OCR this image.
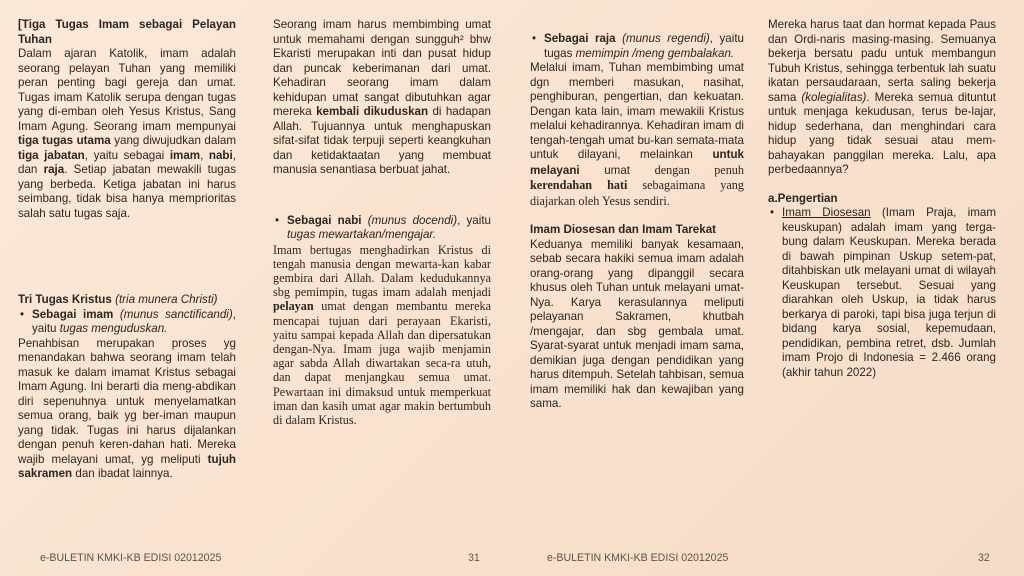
[Tiga Tugas Imam sebagai Pelayan Tuhan

Dalam ajaran Katolik, imam adalah seorang pelayan Tuhan yang memiliki peran penting bagi gereja dan umat. Tugas imam Katolik serupa dengan tugas yang di-emban oleh Yesus Kristus, Sang Imam Agung. Seorang imam mempunyai tiga tugas utama yang diwujudkan dalam tiga jabatan, yaitu sebagai imam, nabi, dan raja. Setiap jabatan mewakili tugas yang berbeda. Ketiga jabatan ini harus seimbang, tidak bisa hanya memprioritas salah satu tugas saja.

Tri Tugas Kristus (tria munera Christi)

• Sebagai imam (munus sanctificandi), yaitu tugas menguduskan.

Penahbisan merupakan proses yg menandakan bahwa seorang imam telah masuk ke dalam imamat Kristus sebagai Imam Agung. Ini berarti dia meng-abdikan diri sepenuhnya untuk menyelamatkan semua orang, baik yg ber-iman maupun yang tidak. Tugas ini harus dijalankan dengan penuh keren-dahan hati. Mereka wajib melayani umat, yg meliputi tujuh sakramen dan ibadat lainnya.

Seorang imam harus membimbing umat untuk memahami dengan sungguh² bhw Ekaristi merupakan inti dan pusat hidup dan puncak keberimanan dari umat. Kehadiran seorang imam dalam kehidupan umat sangat dibutuhkan agar mereka kembali dikuduskan di hadapan Allah. Tujuannya untuk menghapuskan sifat-sifat tidak terpuji seperti keangkuhan dan ketidaktaatan yang membuat manusia senantiasa berbuat jahat.

• Sebagai nabi (munus docendi), yaitu tugas mewartakan/mengajar.

Imam bertugas menghadirkan Kristus di tengah manusia dengan mewarta-kan kabar gembira dari Allah. Dalam kedudukannya sbg pemimpin, tugas imam adalah menjadi pelayan umat dengan membantu mereka mencapai tujuan dari perayaan Ekaristi, yaitu sampai kepada Allah dan dipersatukan dengan-Nya. Imam juga wajib menjamin agar sabda Allah diwartakan seca-ra utuh, dan dapat menjangkau semua umat. Pewartaan ini dimaksud untuk memperkuat iman dan kasih umat agar makin bertumbuh di dalam Kristus.

• Sebagai raja (munus regendi), yaitu tugas memimpin /meng gembalakan.

Melalui imam, Tuhan membimbing umat dgn memberi masukan, nasihat, penghiburan, pengertian, dan kekuatan. Dengan kata lain, imam mewakili Kristus melalui kehadirannya. Kehadiran imam di tengah-tengah umat bu-kan semata-mata untuk dilayani, melainkan untuk melayani umat dengan penuh kerendahan hati sebagaimana yang diajarkan oleh Yesus sendiri.

Imam Diosesan dan Imam Tarekat

Keduanya memiliki banyak kesamaan, sebab secara hakiki semua imam adalah orang-orang yang dipanggil secara khusus oleh Tuhan untuk melayani umat-Nya. Karya kerasulannya meliputi pelayanan Sakramen, khutbah /mengajar, dan sbg gembala umat. Syarat-syarat untuk menjadi imam sama, demikian juga dengan pendidikan yang harus ditempuh. Setelah tahbisan, semua imam memiliki hak dan kewajiban yang sama.

Mereka harus taat dan hormat kepada Paus dan Ordi-naris masing-masing. Semuanya bekerja bersatu padu untuk membangun Tubuh Kristus, sehingga terbentuk lah suatu ikatan persaudaraan, serta saling bekerja sama (kolegialitas). Mereka semua dituntut untuk menjaga kekudusan, terus be-lajar, hidup sederhana, dan menghindari cara hidup yang tidak sesuai atau mem-bahayakan panggilan mereka. Lalu, apa perbedaannya?

a.Pengertian

• Imam Diosesan (Imam Praja, imam keuskupan) adalah imam yang terga-bung dalam Keuskupan. Mereka berada di bawah pimpinan Uskup setem-pat, ditahbiskan utk melayani umat di wilayah Keuskupan tersebut. Sesuai yang diarahkan oleh Uskup, ia tidak harus berkarya di paroki, tapi bisa juga terjun di bidang karya sosial, kepemudaan, pendidikan, pembina retret, dsb. Jumlah imam Projo di Indonesia = 2.466 orang (akhir tahun 2022)

e-BULETIN KMKI-KB EDISI 02012025	31	e-BULETIN KMKI-KB EDISI 02012025	32
